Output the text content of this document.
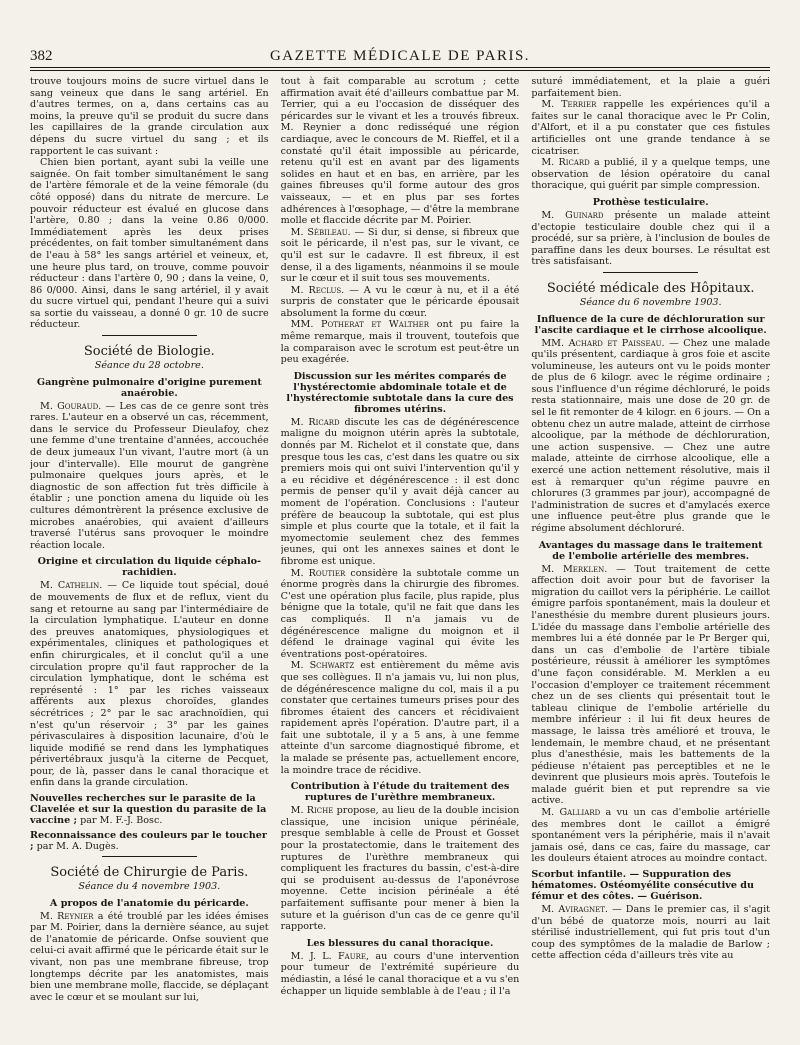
382	GAZETTE MÉDICALE DE PARIS.

trouve toujours moins de sucre virtuel dans le sang veineux que dans le sang artériel. En d'autres termes, on a, dans certains cas au moins, la preuve qu'il se produit du sucre dans les capillaires de la grande circulation aux dépens du sucre virtuel du sang ; et ils rapportent le cas suivant :

Chien bien portant, ayant subi la veille une saignée. On fait tomber simultanément le sang de l'artère fémorale et de la veine fémorale (du côté opposé) dans du nitrate de mercure. Le pouvoir réducteur est évalué en glucose dans l'artère, 0.80 ; dans la veine 0.86 0/000. Immédiatement après les deux prises précédentes, on fait tomber simultanément dans de l'eau à 58° les sangs artériel et veineux, et, une heure plus tard, on trouve, comme pouvoir réducteur : dans l'artère 0, 90 ; dans la veine, 0, 86 0/000. Ainsi, dans le sang artériel, il y avait du sucre virtuel qui, pendant l'heure qui a suivi sa sortie du vaisseau, a donné 0 gr. 10 de sucre réducteur.

Société de Biologie.
Séance du 28 octobre.
Gangrène pulmonaire d'origine purement anaérobie.

M. Gouraud. — Les cas de ce genre sont très rares. L'auteur en a observé un cas, récemment, dans le service du Professeur Dieulafoy, chez une femme d'une trentaine d'années, accouchée de deux jumeaux l'un vivant, l'autre mort (à un jour d'intervalle). Elle mourut de gangrène pulmonaire quelques jours après, et le diagnostic de son affection fut très difficile à établir ; une ponction amena du liquide où les cultures démontrèrent la présence exclusive de microbes anaérobies, qui avaient d'ailleurs traversé l'utérus sans provoquer le moindre réaction locale.

Origine et circulation du liquide céphalo-rachidien.

M. Cathelin. — Ce liquide tout spécial, doué de mouvements de flux et de reflux, vient du sang et retourne au sang par l'intermédiaire de la circulation lymphatique. L'auteur en donne des preuves anatomiques, physiologiques et expérimentales, cliniques et pathologiques et enfin chirurgicales, et il conclut qu'il a une circulation propre qu'il faut rapprocher de la circulation lymphatique, dont le schéma est représenté : 1° par les riches vaisseaux afférents aux plexus choroïdes, glandes sécrétrices ; 2° par le sac arachnoïdien, qui n'est qu'un réservoir ; 3° par les gaines périvasculaires à disposition lacunaire, d'où le liquide modifié se rend dans les lymphatiques périvertébraux jusqu'à la citerne de Pecquet, pour, de là, passer dans le canal thoracique et enfin dans la grande circulation.

Nouvelles recherches sur le parasite de la Clavelée et sur la question du parasite de la vaccine ; par M. F.-J. Bosc.
Reconnaissance des couleurs par le toucher ; par M. A. Dugès.
Société de Chirurgie de Paris.
Séance du 4 novembre 1903.
A propos de l'anatomie du péricarde.

M. Reynier a été troublé par les idées émises par M. Poirier, dans la dernière séance, au sujet de l'anatomie de péricarde. Onfse souvient que celui-ci avait affirmé que le péricarde était sur le vivant, non pas une membrane fibreuse, trop longtemps décrite par les anatomistes, mais bien une membrane molle, flaccide, se déplaçant avec le cœur et se moulant sur lui,

tout à fait comparable au scrotum ; cette affirmation avait été d'ailleurs combattue par M. Terrier, qui a eu l'occasion de disséquer des péricardes sur le vivant et les a trouvés fibreux. M. Reynier a donc redisséqué une région cardiaque, avec le concours de M. Rieffel, et il a constaté qu'il était impossible au péricarde, retenu qu'il est en avant par des ligaments solides en haut et en bas, en arrière, par les gaines fibreuses qu'il forme autour des gros vaisseaux, — et en plus par ses fortes adhérences à l'œsophage, — d'être la membrane molle et flaccide décrite par M. Poirier.

M. Sébileau. — Si dur, si dense, si fibreux que soit le péricarde, il n'est pas, sur le vivant, ce qu'il est sur le cadavre. Il est fibreux, il est dense, il a des ligaments, néanmoins il se moule sur le cœur et il suit tous ses mouvements.

M. Reclus. — A vu le cœur à nu, et il a été surpris de constater que le péricarde épousait absolument la forme du cœur.

MM. Potherat et Walther ont pu faire la même remarque, mais il trouvent, toutefois que la comparaison avec le scrotum est peut-être un peu exagérée.

Discussion sur les mérites comparés de l'hystérectomie abdominale totale et de l'hystérectomie subtotale dans la cure des fibromes utérins.

M. Ricard discute les cas de dégénérescence maligne du moignon utérin après la subtotale, donnés par M. Richelot et il constate que, dans presque tous les cas, c'est dans les quatre ou six premiers mois qui ont suivi l'intervention qu'il y a eu récidive et dégénérescence : il est donc permis de penser qu'il y avait déjà cancer au moment de l'opération. Conclusions : l'auteur préfère de beaucoup la subtotale, qui est plus simple et plus courte que la totale, et il fait la myomectomie seulement chez des femmes jeunes, qui ont les annexes saines et dont le fibrome est unique.

M. Routier considère la subtotale comme un énorme progrès dans la chirurgie des fibromes. C'est une opération plus facile, plus rapide, plus bénigne que la totale, qu'il ne fait que dans les cas compliqués. Il n'a jamais vu de dégénérescence maligne du moignon et il défend le drainage vaginal qui évite les éventrations post-opératoires.

M. Schwartz est entièrement du même avis que ses collègues. Il n'a jamais vu, lui non plus, de dégénérescence maligne du col, mais il a pu constater que certaines tumeurs prises pour des fibromes étaient des cancers et récidivaient rapidement après l'opération. D'autre part, il a fait une subtotale, il y a 5 ans, à une femme atteinte d'un sarcome diagnostiqué fibrome, et la malade se présente pas, actuellement encore, la moindre trace de récidive.

Contribution à l'étude du traitement des ruptures de l'urèthre membraneux.

M. Riche propose, au lieu de la double incision classique, une incision unique périnéale, presque semblable à celle de Proust et Gosset pour la prostatectomie, dans le traitement des ruptures de l'urèthre membraneux qui compliquent les fractures du bassin, c'est-à-dire qui se produisent au-dessus de l'aponévrose moyenne. Cette incision périnéale a été parfaitement suffisante pour mener à bien la suture et la guérison d'un cas de ce genre qu'il rapporte.

Les blessures du canal thoracique.

M. J. L. Faure, au cours d'une intervention pour tumeur de l'extrémité supérieure du médiastin, a lésé le canal thoracique et a vu s'en échapper un liquide semblable à de l'eau ; il l'a

suturé immédiatement, et la plaie a guéri parfaitement bien.

M. Terrier rappelle les expériences qu'il a faites sur le canal thoracique avec le Pr Colin, d'Alfort, et il a pu constater que ces fistules artificielles ont une grande tendance à se cicatriser.

M. Ricard a publié, il y a quelque temps, une observation de lésion opératoire du canal thoracique, qui guérit par simple compression.

Prothèse testiculaire.

M. Guinard présente un malade atteint d'ectopie testiculaire double chez qui il a procédé, sur sa prière, à l'inclusion de boules de paraffine dans les deux bourses. Le résultat est très satisfaisant.

Société médicale des Hôpitaux.
Séance du 6 novembre 1903.
Influence de la cure de déchloruration sur l'ascite cardiaque et le cirrhose alcoolique.

MM. Achard et Paisseau. — Chez une malade qu'ils présentent, cardiaque à gros foie et ascite volumineuse, les auteurs ont vu le poids monter de plus de 6 kilogr. avec le régime ordinaire ; sous l'influence d'un régime déchloruré, le poids resta stationnaire, mais une dose de 20 gr. de sel le fit remonter de 4 kilogr. en 6 jours. — On a obtenu chez un autre malade, atteint de cirrhose alcoolique, par la méthode de déchloruration, une action suspensive. — Chez une autre malade, atteinte de cirrhose alcoolique, elle a exercé une action nettement résolutive, mais il est à remarquer qu'un régime pauvre en chlorures (3 grammes par jour), accompagné de l'administration de sucres et d'amylacés exerce une influence peut-être plus grande que le régime absolument déchloruré.

Avantages du massage dans le traitement de l'embolie artérielle des membres.

M. Merklen. — Tout traitement de cette affection doit avoir pour but de favoriser la migration du caillot vers la périphérie. Le caillot émigre parfois spontanément, mais la douleur et l'anesthésie du membre durent plusieurs jours. L'idée du massage dans l'embolie artérielle des membres lui a été donnée par le Pr Berger qui, dans un cas d'embolie de l'artère tibiale postérieure, réussit à améliorer les symptômes d'une façon considérable. M. Merklen a eu l'occasion d'employer ce traitement récemment chez un de ses clients qui présentait tout le tableau clinique de l'embolie artérielle du membre inférieur : il lui fit deux heures de massage, le laissa très amélioré et trouva, le lendemain, le membre chaud, et ne présentant plus d'anesthésie, mais les battements de la pédieuse n'étaient pas perceptibles et ne le devinrent que plusieurs mois après. Toutefois le malade guérit bien et put reprendre sa vie active.

M. Galliard a vu un cas d'embolie artérielle des membres dont le caillot a émigré spontanément vers la périphérie, mais il n'avait jamais osé, dans ce cas, faire du massage, car les douleurs étaient atroces au moindre contact.

Scorbut infantile. — Suppuration des hématomes. Ostéomyélite consécutive du fémur et des côtes. — Guérison.

M. Aviragnet. — Dans le premier cas, il s'agit d'un bébé de quatorze mois, nourri au lait stérilisé industriellement, qui fut pris tout d'un coup des symptômes de la maladie de Barlow ; cette affection céda d'ailleurs très vite au
